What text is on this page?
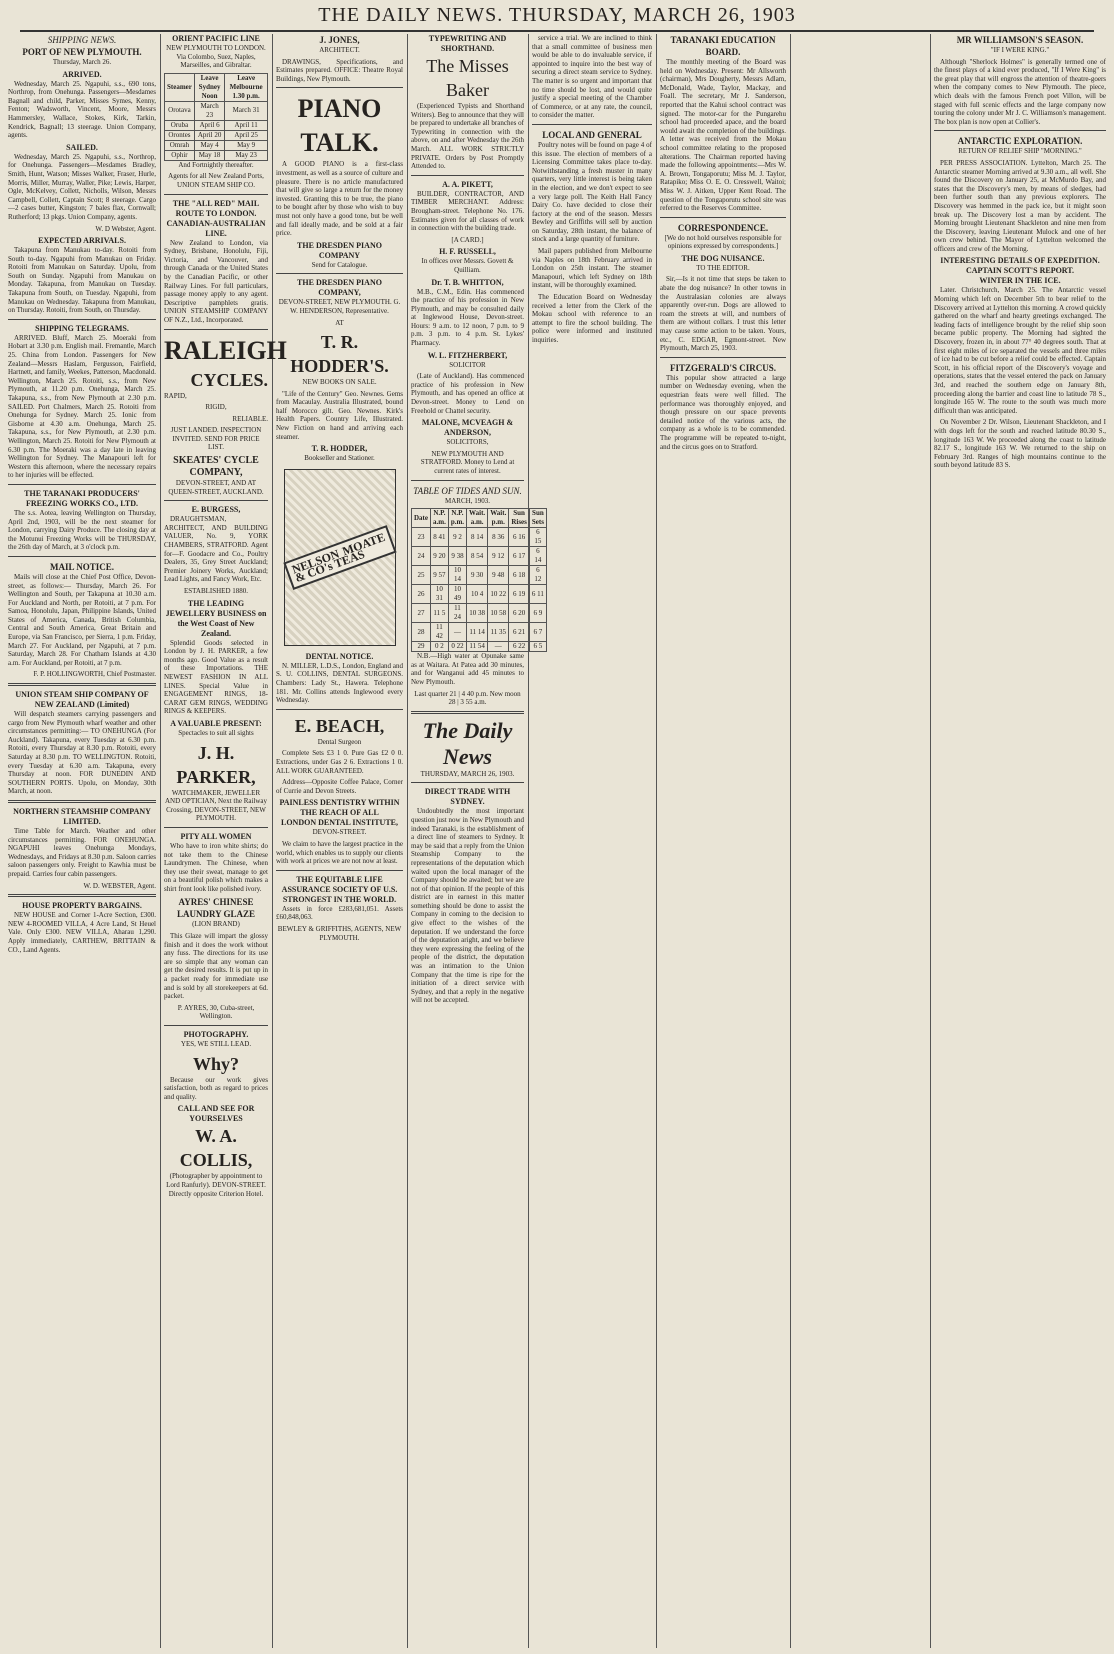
THE DAILY NEWS. THURSDAY, MARCH 26, 1903
SHIPPING NEWS.
PORT OF NEW PLYMOUTH.

Thursday, March 26.

ARRIVED.

Wednesday, March 25. Ngapuhi, s.s., 690 tons, Northrop, from Onehunga. Passengers—Mesdames Bagnall and child, Parker, Misses Symes, Kenny, Fenton; Wadsworth, Vincent, Moore, Messrs Hammersley, Wallace, Stokes, Kirk, Tarkin, Kendrick, Bagnall; 13 steerage. Union Company, agents.

SAILED.

Wednesday, March 25. Ngapuhi, s.s., Northrop, for Onehunga. Passengers—Mesdames Bradley, Smith, Hunt, Watson; Misses Walker, Fraser, Hurle, Morris, Miller, Murray, Waller, Pike; Lewis, Harper, Ogle, McKelvey, Collett, Nicholls, Wilson, Messrs Campbell, Collett, Captain Scott; 8 steerage. Cargo—2 cases butter, Kingston; 7 bales flax, Cornwall; Rutherford; 13 pkgs. Union Company, agents.

W. D Webster, Agent.

EXPECTED ARRIVALS.

Takapuna from Manukau to-day. Rotoiti from South to-day. Ngapuhi from Manukau on Friday. Rotoiti from Manukau on Saturday. Upolu, from South on Sunday. Ngapuhi from Manukau on Monday. Takapuna, from Manukau on Tuesday. Takapuna from South, on Tuesday. Ngapuhi, from Manukau on Wednesday. Takapuna from Manukau, on Thursday. Rotoiti, from South, on Thursday.

SHIPPING TELEGRAMS.

ARRIVED. Bluff, March 25. Moeraki from Hobart at 3.30 p.m. English mail. Fremantle, March 25. China from London. Passengers for New Zealand—Messrs Haslam, Fergusson, Fairfield, Hartnett, and family, Weekes, Patterson, Macdonald. Wellington, March 25. Rotoiti, s.s., from New Plymouth, at 11.20 p.m. Onehunga, March 25. Takapuna, s.s., from New Plymouth at 2.30 p.m. SAILED. Port Chalmers, March 25. Rotoiti from Onehunga for Sydney. March 25. Ionic from Gisborne at 4.30 a.m. Onehunga, March 25. Takapuna, s.s., for New Plymouth, at 2.30 p.m. Wellington, March 25. Rotoiti for New Plymouth at 6.30 p.m. The Moeraki was a day late in leaving Wellington for Sydney. The Manapouri left for Western this afternoon, where the necessary repairs to her injuries will be effected.

THE TARANAKI PRODUCERS' FREEZING WORKS CO., LTD.

The s.s. Aotea, leaving Wellington on Thursday, April 2nd, 1903, will be the next steamer for London, carrying Dairy Produce. The closing day at the Motunui Freezing Works will be THURSDAY, the 26th day of March, at 3 o'clock p.m.

MAIL NOTICE.

Mails will close at the Chief Post Office, Devon-street, as follows:— Thursday, March 26. For Wellington and South, per Takapuna at 10.30 a.m. For Auckland and North, per Rotoiti, at 7 p.m. For Samoa, Honolulu, Japan, Philippine Islands, United States of America, Canada, British Columbia, Central and South America, Great Britain and Europe, via San Francisco, per Sierra, 1 p.m. Friday, March 27. For Auckland, per Ngapuhi, at 7 p.m. Saturday, March 28. For Chatham Islands at 4.30 a.m. For Auckland, per Rotoiti, at 7 p.m.

F. P. HOLLINGWORTH, Chief Postmaster.

UNION STEAM SHIP COMPANY OF NEW ZEALAND (Limited)

Will despatch steamers carrying passengers and cargo from New Plymouth wharf weather and other circumstances permitting:— TO ONEHUNGA (For Auckland). Takapuna, every Tuesday at 6.30 p.m. Rotoiti, every Thursday at 8.30 p.m. Rotoiti, every Saturday at 8.30 p.m. TO WELLINGTON. Rotoiti, every Tuesday at 6.30 a.m. Takapuna, every Thursday at noon. FOR DUNEDIN AND SOUTHERN PORTS. Upolu, on Monday, 30th March, at noon.

NORTHERN STEAMSHIP COMPANY LIMITED.

Time Table for March. Weather and other circumstances permitting. FOR ONEHUNGA. NGAPUHI leaves Onehunga Mondays, Wednesdays, and Fridays at 8.30 p.m. Saloon carries saloon passengers only. Freight to Kawhia must be prepaid. Carries four cabin passengers.

W. D. WEBSTER, Agent.

HOUSE PROPERTY BARGAINS.

NEW HOUSE and Corner 1-Acre Section, £300. NEW 4-ROOMED VILLA, 4 Acre Land, St Heuel Vale. Only £300. NEW VILLA, Aharau 1,290. Apply immediately, CARTHEW, BRITTAIN & CO., Land Agents.

ORIENT PACIFIC LINE

NEW PLYMOUTH TO LONDON. Via Colombo, Suez, Naples, Marseilles, and Gibraltar.

Steamer	Leave Sydney Noon	Leave Melbourne 1.30 p.m.
Orotava	March 23	March 31
Oruba	April 6	April 11
Orontes	April 20	April 25
Omrah	May 4	May 9
Ophir	May 18	May 23

And Fortnightly thereafter.

Agents for all New Zealand Ports, UNION STEAM SHIP CO.

THE "ALL RED" MAIL ROUTE TO LONDON.
CANADIAN-AUSTRALIAN LINE.

New Zealand to London, via Sydney, Brisbane, Honolulu, Fiji, Victoria, and Vancouver, and through Canada or the United States by the Canadian Pacific, or other Railway Lines. For full particulars, passage money apply to any agent. Descriptive pamphlets gratis. UNION STEAMSHIP COMPANY OF N.Z., Ltd., Incorporated.

RALEIGH
CYCLES.

RAPID,

RIGID,

RELIABLE.

JUST LANDED. INSPECTION INVITED. SEND FOR PRICE LIST.

SKEATES' CYCLE COMPANY,

DEVON-STREET, AND AT QUEEN-STREET, AUCKLAND.

E. BURGESS,

DRAUGHTSMAN, ARCHITECT, AND BUILDING VALUER, No. 9, YORK CHAMBERS, STRATFORD. Agent for—F. Goodacre and Co., Poultry Dealers, 35, Grey Street Auckland; Premier Joinery Works, Auckland; Lead Lights, and Fancy Work, Etc.

ESTABLISHED 1880.

THE LEADING JEWELLERY BUSINESS on the West Coast of New Zealand.

Splendid Goods selected in London by J. H. PARKER, a few months ago. Good Value as a result of these Importations. THE NEWEST FASHION IN ALL LINES. Special Value in ENGAGEMENT RINGS, 18-CARAT GEM RINGS, WEDDING RINGS & KEEPERS.

A VALUABLE PRESENT:

Spectacles to suit all sights

J. H. PARKER,

WATCHMAKER, JEWELLER AND OPTICIAN, Next the Railway Crossing, DEVON-STREET, NEW PLYMOUTH.

PITY ALL WOMEN

Who have to iron white shirts; do not take them to the Chinese Laundrymen. The Chinese, when they use their sweat, manage to get on a beautiful polish which makes a shirt front look like polished ivory.

AYRES' CHINESE LAUNDRY GLAZE

(LION BRAND)

This Glaze will impart the glossy finish and it does the work without any fuss. The directions for its use are so simple that any woman can get the desired results. It is put up in a packet ready for immediate use and is sold by all storekeepers at 6d. packet.

P. AYRES, 30, Cuba-street, Wellington.

PHOTOGRAPHY.

YES, WE STILL LEAD.

Why?

Because our work gives satisfaction, both as regard to prices and quality.

CALL AND SEE FOR YOURSELVES
W. A. COLLIS,

(Photographer by appointment to Lord Ranfurly). DEVON-STREET. Directly opposite Criterion Hotel.

J. JONES,

ARCHITECT.

DRAWINGS, Specifications, and Estimates prepared. OFFICE: Theatre Royal Buildings, New Plymouth.

PIANO TALK.

A GOOD PIANO is a first-class investment, as well as a source of culture and pleasure. There is no article manufactured that will give so large a return for the money invested. Granting this to be true, the piano to be bought after by those who wish to buy must not only have a good tone, but be well and fall ideally made, and be sold at a fair price.

THE DRESDEN PIANO COMPANY

Send for Catalogue.

THE DRESDEN PIANO COMPANY,

DEVON-STREET, NEW PLYMOUTH. G. W. HENDERSON, Representative.

AT

T. R. HODDER'S.

NEW BOOKS ON SALE.

"Life of the Century" Geo. Newnes. Gems from Macaulay. Australia Illustrated, bound half Morocco gilt. Geo. Newnes. Kirk's Health Papers. Country Life, Illustrated. New Fiction on hand and arriving each steamer.

T. R. HODDER,

Bookseller and Stationer.

NELSON MOATE & CO's TEAS
DENTAL NOTICE.

N. MILLER, L.D.S., London, England and S. U. COLLINS, DENTAL SURGEONS. Chambers: Lady St., Hawera. Telephone 181. Mr. Collins attends Inglewood every Wednesday.

E. BEACH,

Dental Surgeon

Complete Sets £3 1 0. Pure Gas £2 0 0. Extractions, under Gas 2 6. Extractions 1 0. ALL WORK GUARANTEED.

Address—Opposite Coffee Palace, Corner of Currie and Devon Streets.

PAINLESS DENTISTRY WITHIN THE REACH OF ALL
LONDON DENTAL INSTITUTE,

DEVON-STREET.

We claim to have the largest practice in the world, which enables us to supply our clients with work at prices we are not now at least.

THE EQUITABLE LIFE ASSURANCE SOCIETY OF U.S.
STRONGEST IN THE WORLD.

Assets in force £283,681,051. Assets £60,848,063.

BEWLEY & GRIFFITHS, AGENTS, NEW PLYMOUTH.

TYPEWRITING AND SHORTHAND.
The Misses Baker

(Experienced Typists and Shorthand Writers). Beg to announce that they will be prepared to undertake all branches of Typewriting in connection with the above, on and after Wednesday the 26th March. ALL WORK STRICTLY PRIVATE. Orders by Post Promptly Attended to.

A. A. PIKETT,

BUILDER, CONTRACTOR, AND TIMBER MERCHANT. Address: Brougham-street. Telephone No. 176. Estimates given for all classes of work in connection with the building trade.

[A CARD.]

H. F. RUSSELL,

In offices over Messrs. Govett & Quilliam.

Dr. T. B. WHITTON,

M.B., C.M., Edin. Has commenced the practice of his profession in New Plymouth, and may be consulted daily at Inglewood House, Devon-street. Hours: 9 a.m. to 12 noon, 7 p.m. to 9 p.m. 3 p.m. to 4 p.m. St. Lykes' Pharmacy.

W. L. FITZHERBERT,

SOLICITOR

(Late of Auckland). Has commenced practice of his profession in New Plymouth, and has opened an office at Devon-street. Money to Lend on Freehold or Chattel security.

MALONE, MCVEAGH & ANDERSON,

SOLICITORS,

NEW PLYMOUTH AND STRATFORD. Money to Lend at current rates of interest.

TABLE OF TIDES AND SUN.

MARCH, 1903.

Date	N.P. a.m.	N.P. p.m.	Wait. a.m.	Wait. p.m.	Sun Rises	Sun Sets
23	8 41	9 2	8 14	8 36	6 16	6 15
24	9 20	9 38	8 54	9 12	6 17	6 14
25	9 57	10 14	9 30	9 48	6 18	6 12
26	10 31	10 49	10 4	10 22	6 19	6 11
27	11 5	11 24	10 38	10 58	6 20	6 9
28	11 42	—	11 14	11 35	6 21	6 7
29	0 2	0 22	11 54	—	6 22	6 5

N.B.—High water at Opunake same as at Waitara. At Patea add 30 minutes, and for Wanganui add 45 minutes to New Plymouth.

Last quarter 21 | 4 40 p.m. New moon 28 | 3 55 a.m.

The Daily News

THURSDAY, MARCH 26, 1903.

DIRECT TRADE WITH SYDNEY.

Undoubtedly the most important question just now in New Plymouth and indeed Taranaki, is the establishment of a direct line of steamers to Sydney. It may be said that a reply from the Union Steamship Company to the representations of the deputation which waited upon the local manager of the Company should be awaited; but we are not of that opinion. If the people of this district are in earnest in this matter something should be done to assist the Company in coming to the decision to give effect to the wishes of the deputation. If we understand the force of the deputation aright, and we believe they were expressing the feeling of the people of the district, the deputation was an intimation to the Union Company that the time is ripe for the initiation of a direct service with Sydney, and that a reply in the negative will not be accepted.

service a trial. We are inclined to think that a small committee of business men would be able to do invaluable service, if appointed to inquire into the best way of securing a direct steam service to Sydney. The matter is so urgent and important that no time should be lost, and would quite justify a special meeting of the Chamber of Commerce, or at any rate, the council, to consider the matter.

LOCAL AND GENERAL

Poultry notes will be found on page 4 of this issue. The election of members of a Licensing Committee takes place to-day. Notwithstanding a fresh muster in many quarters, very little interest is being taken in the election, and we don't expect to see a very large poll. The Keith Hall Fancy Dairy Co. have decided to close their factory at the end of the season. Messrs Bewley and Griffiths will sell by auction on Saturday, 28th instant, the balance of stock and a large quantity of furniture.

Mail papers published from Melbourne via Naples on 18th February arrived in London on 25th instant. The steamer Manapouri, which left Sydney on 18th instant, will be thoroughly examined.

The Education Board on Wednesday received a letter from the Clerk of the Mokau school with reference to an attempt to fire the school building. The police were informed and instituted inquiries.

TARANAKI EDUCATION BOARD.

The monthly meeting of the Board was held on Wednesday. Present: Mr Allsworth (chairman), Mrs Dougherty, Messrs Adlam, McDonald, Wade, Taylor, Mackay, and Foall. The secretary, Mr J. Sanderson, reported that the Kahui school contract was signed. The motor-car for the Pungarehu school had proceeded apace, and the board would await the completion of the buildings. A letter was received from the Mokau school committee relating to the proposed alterations. The Chairman reported having made the following appointments:—Mrs W. A. Brown, Tongaporutu; Miss M. J. Taylor, Ratapiko; Miss O. E. O. Cresswell, Waitoi; Miss W. J. Aitken, Upper Kent Road. The question of the Tongaporutu school site was referred to the Reserves Committee.

CORRESPONDENCE.

[We do not hold ourselves responsible for opinions expressed by correspondents.]

THE DOG NUISANCE.

TO THE EDITOR.

Sir,—Is it not time that steps be taken to abate the dog nuisance? In other towns in the Australasian colonies are always apparently over-run. Dogs are allowed to roam the streets at will, and numbers of them are without collars. I trust this letter may cause some action to be taken. Yours, etc., C. EDGAR, Egmont-street. New Plymouth, March 25, 1903.

FITZGERALD'S CIRCUS.

This popular show attracted a large number on Wednesday evening, when the equestrian feats were well filled. The performance was thoroughly enjoyed, and though pressure on our space prevents detailed notice of the various acts, the company as a whole is to be commended. The programme will be repeated to-night, and the circus goes on to Stratford.

MR WILLIAMSON'S SEASON.

"IF I WERE KING."

Although "Sherlock Holmes" is generally termed one of the finest plays of a kind ever produced, "If I Were King" is the great play that will engross the attention of theatre-goers when the company comes to New Plymouth. The piece, which deals with the famous French poet Villon, will be staged with full scenic effects and the large company now touring the colony under Mr J. C. Williamson's management. The box plan is now open at Collier's.

ANTARCTIC EXPLORATION.

RETURN OF RELIEF SHIP "MORNING."

PER PRESS ASSOCIATION. Lyttelton, March 25. The Antarctic steamer Morning arrived at 9.30 a.m., all well. She found the Discovery on January 25, at McMurdo Bay, and states that the Discovery's men, by means of sledges, had been further south than any previous explorers. The Discovery was hemmed in the pack ice, but it might soon break up. The Discovery lost a man by accident. The Morning brought Lieutenant Shackleton and nine men from the Discovery, leaving Lieutenant Mulock and one of her own crew behind. The Mayor of Lyttelton welcomed the officers and crew of the Morning.

INTERESTING DETAILS OF EXPEDITION.
CAPTAIN SCOTT'S REPORT.
WINTER IN THE ICE.

Later. Christchurch, March 25. The Antarctic vessel Morning which left on December 5th to bear relief to the Discovery arrived at Lyttelton this morning. A crowd quickly gathered on the wharf and hearty greetings exchanged. The leading facts of intelligence brought by the relief ship soon became public property. The Morning had sighted the Discovery, frozen in, in about 77° 40 degrees south. That at first eight miles of ice separated the vessels and three miles of ice had to be cut before a relief could be effected. Captain Scott, in his official report of the Discovery's voyage and operations, states that the vessel entered the pack on January 3rd, and reached the southern edge on January 8th, proceeding along the barrier and coast line to latitude 78 S., longitude 165 W. The route to the south was much more difficult than was anticipated.

On November 2 Dr. Wilson, Lieutenant Shackleton, and I with dogs left for the south and reached latitude 80.30 S., longitude 163 W. We proceeded along the coast to latitude 82.17 S., longitude 163 W. We returned to the ship on February 3rd. Ranges of high mountains continue to the south beyond latitude 83 S.
